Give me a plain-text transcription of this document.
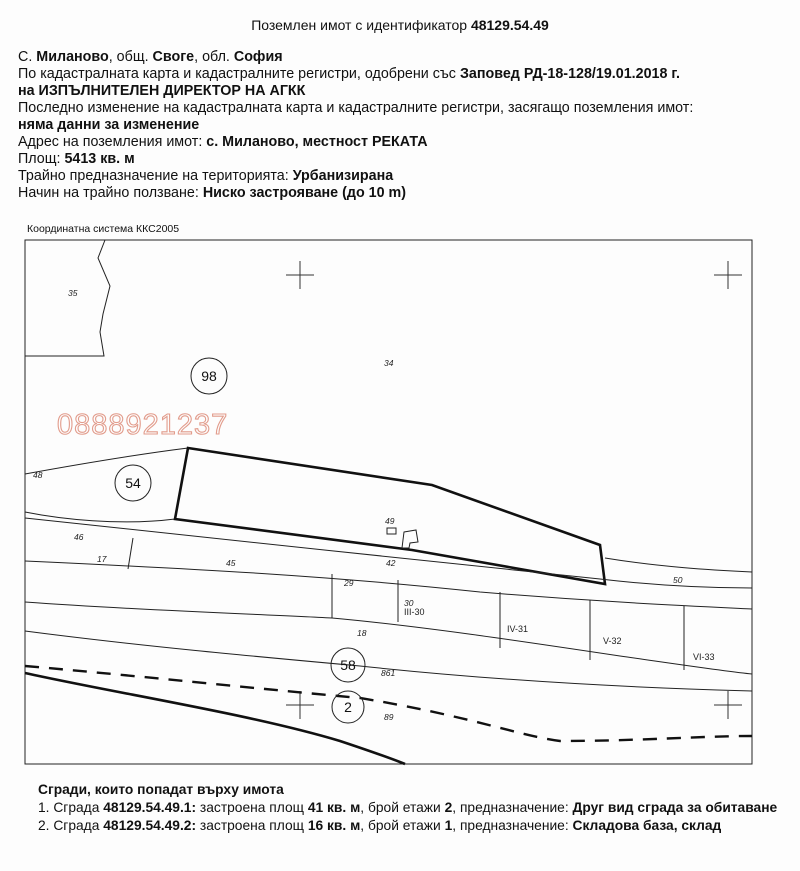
Поземлен имот с идентификатор 48129.54.49
С. Миланово, общ. Своге, обл. София
По кадастралната карта и кадастралните регистри, одобрени със Заповед РД-18-128/19.01.2018 г.
на ИЗПЪЛНИТЕЛЕН ДИРЕКТОР НА АГКК
Последно изменение на кадастралната карта и кадастралните регистри, засягащо поземления имот:
няма данни за изменение
Адрес на поземления имот: с. Миланово, местност РЕКАТА
Площ: 5413 кв. м
Трайно предназначение на територията: Урбанизирана
Начин на трайно ползване: Ниско застрояване (до 10 m)
Координатна система ККС2005
0888921237
98
54
58
2
35
34
48
46
17	45
49
42
50
29
30
III-30
18	IV-31
V-32
VI-33
861
89
Сгради, които попадат върху имота
1. Сграда 48129.54.49.1: застроена площ 41 кв. м, брой етажи 2, предназначение: Друг вид сграда за обитаване
2. Сграда 48129.54.49.2: застроена площ 16 кв. м, брой етажи 1, предназначение: Складова база, склад
